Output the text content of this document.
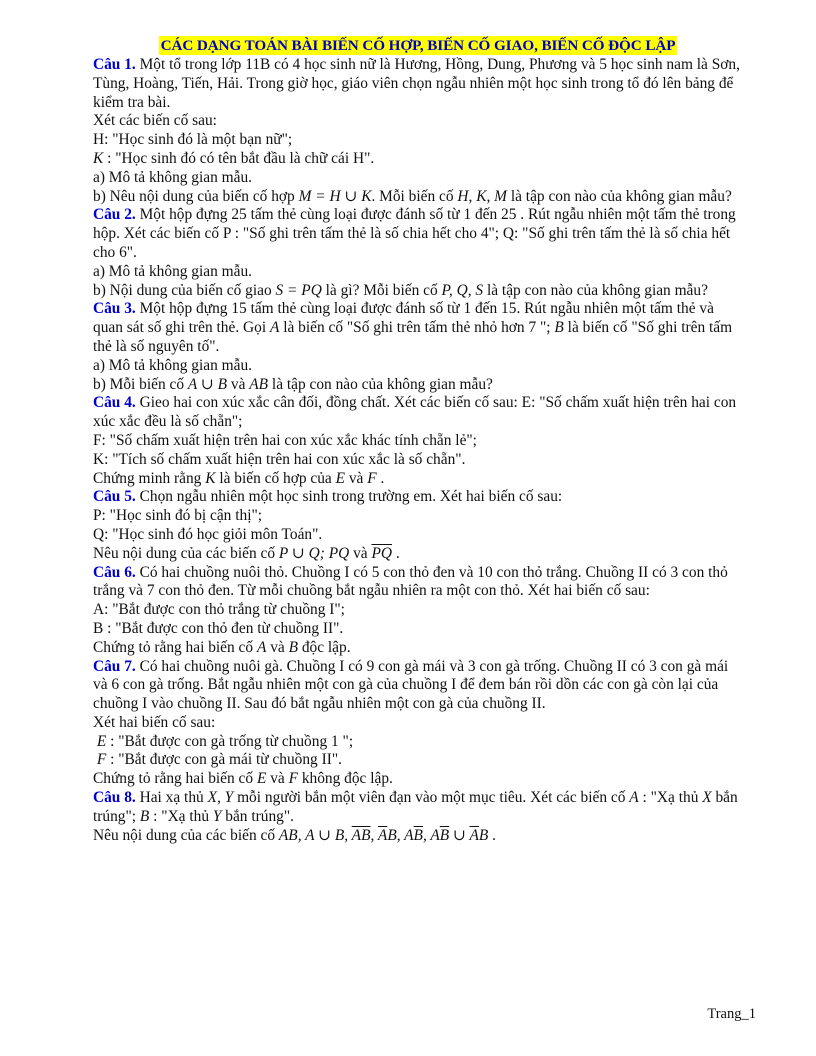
CÁC DẠNG TOÁN BÀI BIẾN CỐ HỢP, BIẾN CỐ GIAO, BIẾN CỐ ĐỘC LẬP

Câu 1. Một tổ trong lớp 11B có 4 học sinh nữ là Hương, Hồng, Dung, Phương và 5 học sinh nam là Sơn, Tùng, Hoàng, Tiến, Hải. Trong giờ học, giáo viên chọn ngẫu nhiên một học sinh trong tổ đó lên bảng để kiểm tra bài.

Xét các biến cố sau:

H: "Học sinh đó là một bạn nữ";

K : "Học sinh đó có tên bắt đầu là chữ cái H".

a) Mô tả không gian mẫu.

b) Nêu nội dung của biến cố hợp M = H ∪ K. Mỗi biến cố H, K, M là tập con nào của không gian mẫu?

Câu 2. Một hộp đựng 25 tấm thẻ cùng loại được đánh số từ 1 đến 25 . Rút ngẫu nhiên một tấm thẻ trong hộp. Xét các biến cố P : "Số ghi trên tấm thẻ là số chia hết cho 4"; Q: "Số ghi trên tấm thẻ là số chia hết cho 6".

a) Mô tả không gian mẫu.

b) Nội dung của biến cố giao S = PQ là gì? Mỗi biến cố P, Q, S là tập con nào của không gian mẫu?

Câu 3. Một hộp đựng 15 tấm thẻ cùng loại được đánh số từ 1 đến 15. Rút ngẫu nhiên một tấm thẻ và quan sát số ghi trên thẻ. Gọi A là biến cố "Số ghi trên tấm thẻ nhỏ hơn 7 "; B là biến cố "Số ghi trên tấm thẻ là số nguyên tố".

a) Mô tả không gian mẫu.

b) Mỗi biến cố A ∪ B và AB là tập con nào của không gian mẫu?

Câu 4. Gieo hai con xúc xắc cân đối, đồng chất. Xét các biến cố sau: E: "Số chấm xuất hiện trên hai con xúc xắc đều là số chẵn";

F: "Số chấm xuất hiện trên hai con xúc xắc khác tính chẵn lẻ";

K: "Tích số chấm xuất hiện trên hai con xúc xắc là số chẵn".

Chứng minh rằng K là biến cố hợp của E và F .

Câu 5. Chọn ngẫu nhiên một học sinh trong trường em. Xét hai biến cố sau:

P: "Học sinh đó bị cận thị";

Q: "Học sinh đó học giỏi môn Toán".

Nêu nội dung của các biến cố P ∪ Q; PQ và $\overline{PQ}$ .

Câu 6. Có hai chuồng nuôi thỏ. Chuồng I có 5 con thỏ đen và 10 con thỏ trắng. Chuồng II có 3 con thỏ trắng và 7 con thỏ đen. Từ mỗi chuồng bắt ngẫu nhiên ra một con thỏ. Xét hai biến cố sau:

A: "Bắt được con thỏ trắng từ chuồng I";

B : "Bắt được con thỏ đen từ chuồng II".

Chứng tỏ rằng hai biến cố A và B độc lập.

Câu 7. Có hai chuồng nuôi gà. Chuồng I có 9 con gà mái và 3 con gà trống. Chuồng II có 3 con gà mái và 6 con gà trống. Bắt ngẫu nhiên một con gà của chuồng I để đem bán rồi dồn các con gà còn lại của chuồng I vào chuồng II. Sau đó bắt ngẫu nhiên một con gà của chuồng II.

Xét hai biến cố sau:

E : "Bắt được con gà trống từ chuồng 1 ";

F : "Bắt được con gà mái từ chuồng II".

Chứng tỏ rằng hai biến cố E và F không độc lập.

Câu 8. Hai xạ thủ X, Y mỗi người bắn một viên đạn vào một mục tiêu. Xét các biến cố A : "Xạ thủ X bắn trúng"; B : "Xạ thủ Y bắn trúng".

Nêu nội dung của các biến cố AB, A ∪ B, $\overline{AB}$, $\overline{A}B$, $A\overline{B}$, $A\overline{B}$ ∪ $\overline{A}B$ .

Trang_1
